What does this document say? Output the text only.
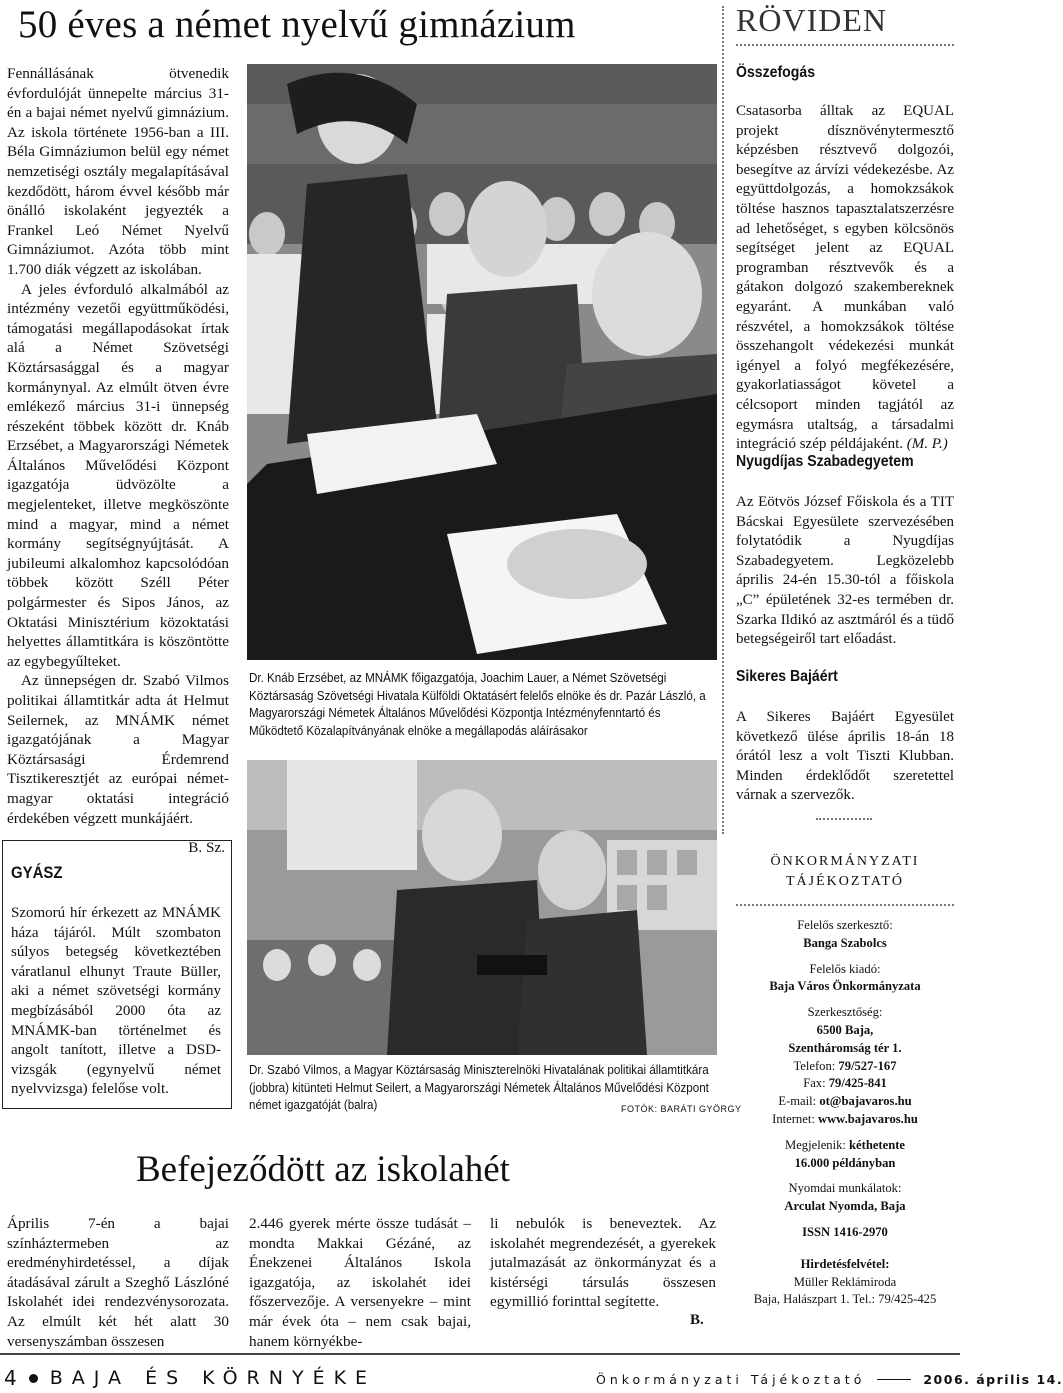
50 éves a német nyelvű gimnázium	RÖVIDEN

Fennállásának ötvenedik évfordulóját ünnepelte március 31-én a bajai német nyelvű gimnázium. Az iskola története 1956-ban a III. Béla Gimnáziumon belül egy német nemzetiségi osztály megalapításával kezdődött, három évvel később már önálló iskolaként jegyezték a Frankel Leó Német Nyelvű Gimnáziumot. Azóta több mint 1.700 diák végzett az iskolában.

A jeles évforduló alkalmából az intézmény vezetői együttműködési, támogatási megállapodásokat írtak alá a Német Szövetségi Köztársasággal és a magyar kormánynyal. Az elmúlt ötven évre emlékező március 31-i ünnepség részeként többek között dr. Knáb Erzsébet, a Magyarországi Németek Általános Művelődési Központ igazgatója üdvözölte a megjelenteket, illetve megköszönte mind a magyar, mind a német kormány segítségnyújtását. A jubileumi alkalomhoz kapcsolódóan többek között Széll Péter polgármester és Sipos János, az Oktatási Minisztérium közoktatási helyettes államtitkára is köszöntötte az egybegyűlteket.

Az ünnepségen dr. Szabó Vilmos politikai államtitkár adta át Helmut Seilernek, az MNÁMK német igazgatójának a Magyar Köztársasági Érdemrend Tisztikeresztjét az európai német-magyar oktatási integráció érdekében végzett munkájáért.

B. Sz.
Dr. Knáb Erzsébet, az MNÁMK főigazgatója, Joachim Lauer, a Német Szövetségi Köztársaság Szövetségi Hivatala Külföldi Oktatásért felelős elnöke és dr. Pazár László, a Magyarországi Németek Általános Művelődési Központja Intézményfenntartó és Működtető Közalapítványának elnöke a megállapodás aláírásakor
Dr. Szabó Vilmos, a Magyar Köztársaság Miniszterelnöki Hivatalának politikai államtitkára (jobbra) kitünteti Helmut Seilert, a Magyarországi Németek Általános Művelődési Központ német igazgatóját (balra)	FOTÓK: BARÁTI GYÖRGY
GYÁSZ
Szomorú hír érkezett az MNÁMK háza tájáról. Múlt szombaton súlyos betegség következtében váratlanul elhunyt Traute Büller, aki a német szövetségi kormány megbízásából 2000 óta az MNÁMK-ban történelmet és angolt tanított, illetve a DSD-vizsgák (egynyelvű német nyelvvizsga) felelőse volt.
Összefogás
Csatasorba álltak az EQUAL projekt dísznövénytermesztő képzésben résztvevő dolgozói, besegítve az árvízi védekezésbe. Az együttdolgozás, a homokzsákok töltése hasznos tapasztalatszerzésre ad lehetőséget, s egyben kölcsönös segítséget jelent az EQUAL programban résztvevők és a gátakon dolgozó szakembereknek egyaránt. A munkában való részvétel, a homokzsákok töltése összehangolt védekezési munkát igényel a folyó megfékezésére, gyakorlatiasságot követel a célcsoport minden tagjától az egymásra utaltság, a társadalmi integráció szép példájaként. (M. P.)
Nyugdíjas Szabadegyetem
Az Eötvös József Főiskola és a TIT Bácskai Egyesülete szervezésében folytatódik a Nyugdíjas Szabadegyetem. Legközelebb április 24-én 15.30-tól a főiskola „C” épületének 32-es termében dr. Szarka Ildikó az asztmáról és a tüdő betegségeiről tart előadást.
Sikeres Bajáért
A Sikeres Bajáért Egyesület következő ülése április 18-án 18 órától lesz a volt Tiszti Klubban. Minden érdeklődőt szeretettel várnak a szervezők.
ÖNKORMÁNYZATI
TÁJÉKOZTATÓ
Felelős szerkesztő:
Banga Szabolcs
Felelős kiadó:
Baja Város Önkormányzata
Szerkesztőség:
6500 Baja,
Szentháromság tér 1.
Telefon: 79/527-167
Fax: 79/425-841
E-mail: ot@bajavaros.hu
Internet: www.bajavaros.hu
Megjelenik: kéthetente
16.000 példányban
Nyomdai munkálatok:
Arculat Nyomda, Baja
ISSN 1416-2970
Hirdetésfelvétel:
Müller Reklámiroda
Baja, Halászpart 1. Tel.: 79/425-425
Befejeződött az iskolahét
Április 7-én a bajai színháztermeben az eredményhirdetéssel, a díjak átadásával zárult a Szeghő Lászlóné Iskolahét idei rendezvénysorozata. Az elmúlt két hét alatt 30 versenyszámban összesen
2.446 gyerek mérte össze tudását – mondta Makkai Gézáné, az Énekzenei Általános Iskola igazgatója, az iskolahét idei főszervezője. A versenyekre – mint már évek óta – nem csak bajai, hanem környékbe-
li nebulók is beneveztek. Az iskolahét megrendezését, a gyerekek jutalmazását az önkormányzat és a kistérségi társulás összesen egymillió forinttal segítette.
B.
4 BAJA ÉS KÖRNYÉKE	Önkormányzati Tájékoztató	2006. április 14.
